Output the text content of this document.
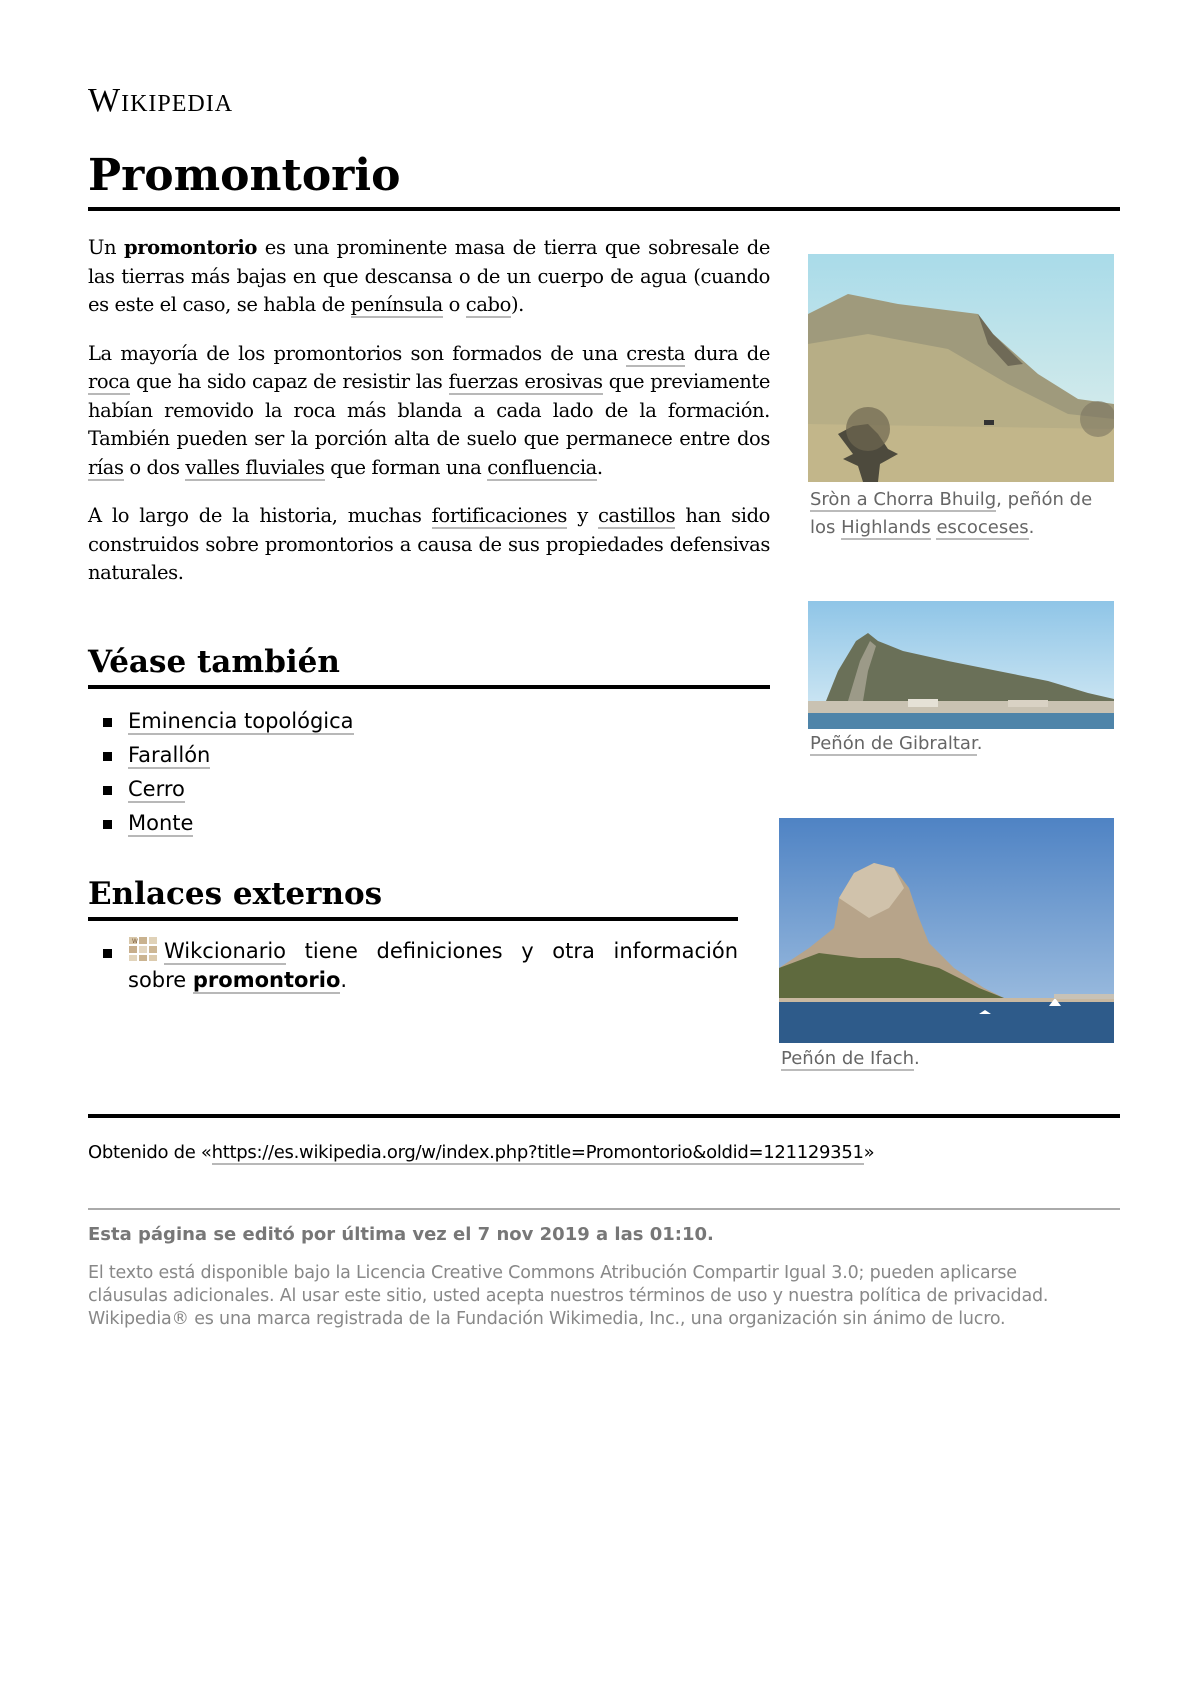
Wikipedia
Promontorio

Un promontorio es una prominente masa de tierra que sobresale de las tierras más bajas en que descansa o de un cuerpo de agua (cuando es este el caso, se habla de península o cabo).

La mayoría de los promontorios son formados de una cresta dura de roca que ha sido capaz de resistir las fuerzas erosivas que previamente habían removido la roca más blanda a cada lado de la formación. También pueden ser la porción alta de suelo que permanece entre dos rías o dos valles fluviales que forman una confluencia.

A lo largo de la historia, muchas fortificaciones y castillos han sido construidos sobre promontorios a causa de sus propiedades defensivas naturales.

Véase también
Eminencia topológica
Farallón
Cerro
Monte
Enlaces externos
W Wikcionario tiene definiciones y otra información sobre promontorio.
Sròn a Chorra Bhuilg, peñón de los Highlands escoceses.
Peñón de Gibraltar.
Peñón de Ifach.
Obtenido de «https://es.wikipedia.org/w/index.php?title=Promontorio&oldid=121129351»
Esta página se editó por última vez el 7 nov 2019 a las 01:10.
El texto está disponible bajo la Licencia Creative Commons Atribución Compartir Igual 3.0; pueden aplicarse
cláusulas adicionales. Al usar este sitio, usted acepta nuestros términos de uso y nuestra política de privacidad.
Wikipedia® es una marca registrada de la Fundación Wikimedia, Inc., una organización sin ánimo de lucro.
